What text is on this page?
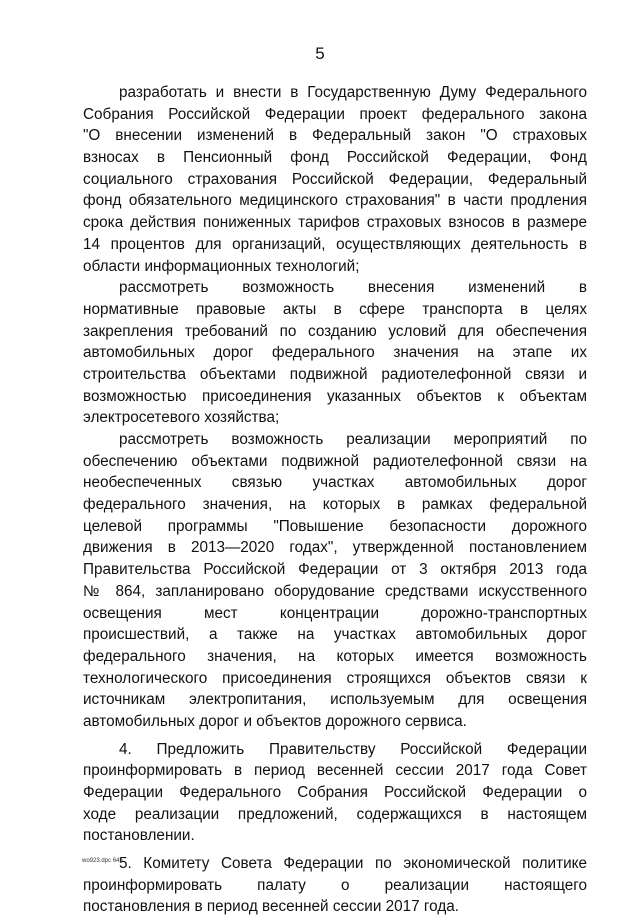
5
разработать и внести в Государственную Думу Федерального
Собрания Российской Федерации проект федерального закона
"О внесении изменений в Федеральный закон "О страховых
взносах в Пенсионный фонд Российской Федерации, Фонд
социального страхования Российской Федерации, Федеральный
фонд обязательного медицинского страхования" в части продления
срока действия пониженных тарифов страховых взносов в размере
14 процентов для организаций, осуществляющих деятельность в
области информационных технологий;
рассмотреть возможность внесения изменений в
нормативные правовые акты в сфере транспорта в целях
закрепления требований по созданию условий для обеспечения
автомобильных дорог федерального значения на этапе их
строительства объектами подвижной радиотелефонной связи и
возможностью присоединения указанных объектов к объектам
электросетевого хозяйства;
рассмотреть возможность реализации мероприятий по
обеспечению объектами подвижной радиотелефонной связи на
необеспеченных связью участках автомобильных дорог
федерального значения, на которых в рамках федеральной
целевой программы "Повышение безопасности дорожного
движения в 2013—2020 годах", утвержденной постановлением
Правительства Российской Федерации от 3 октября 2013 года
№ 864, запланировано оборудование средствами искусственного
освещения мест концентрации дорожно-транспортных
происшествий, а также на участках автомобильных дорог
федерального значения, на которых имеется возможность
технологического присоединения строящихся объектов связи к
источникам электропитания, используемым для освещения
автомобильных дорог и объектов дорожного сервиса.
4. Предложить Правительству Российской Федерации
проинформировать в период весенней сессии 2017 года Совет
Федерации Федерального Собрания Российской Федерации о
ходе реализации предложений, содержащихся в настоящем
постановлении.
5. Комитету Совета Федерации по экономической политике
проинформировать палату о реализации настоящего
постановления в период весенней сессии 2017 года.
wo923.dpc 645
